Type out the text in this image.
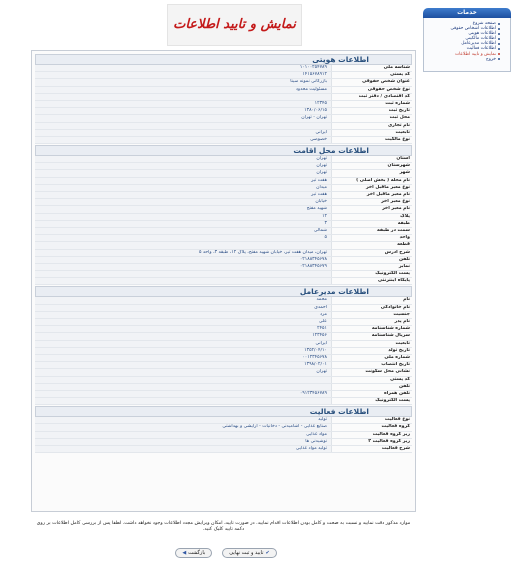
نمایش و تایید اطلاعات
اطلاعات هویتی
شناسه ملی
۱۰۱۰۰۲۵۴۷۸۹
کد پستی
۱۴۱۵۶۷۸۹۱۲
عنوان شخص حقوقی
بازرگانی نمونه سینا
نوع شخص حقوقی
مسئولیت محدود
کد اقتصادی / دفتر ثبت
شماره ثبت
۱۲۳۴۵
تاریخ ثبت
۱۳۸۰/۰۶/۱۵
محل ثبت
تهران - تهران
نام تجاری
تابعیت
ایرانی
نوع مالکیت
خصوصی
اطلاعات محل اقامت
استان
تهران
شهرستان
تهران
شهر
تهران
نام محله ( بخش اصلی )
هفت تیر
نوع معبر ماقبل آخر
میدان
نام معبر ماقبل آخر
هفت تیر
نوع معبر آخر
خیابان
نام معبر آخر
شهید مفتح
پلاک
۱۲
طبقه
۳
سمت در طبقه
شمالی
واحد
۵
قطعه
شرح آدرس
تهران، میدان هفت تیر، خیابان شهید مفتح، پلاک ۱۲، طبقه ۳، واحد ۵
تلفن
۰۲۱۸۸۳۴۵۶۷۸
نمابر
۰۲۱۸۸۳۴۵۶۷۹
پست الکترونیک
پایگاه اینترنتی
اطلاعات مدیرعامل
نام
محمد
نام خانوادگی
احمدی
جنسیت
مرد
نام پدر
علی
شماره شناسنامه
۲۴۵۱
سریال شناسنامه
۱۲۳۴۵۶
تابعیت
ایرانی
تاریخ تولد
۱۳۵۲/۰۴/۱۰
شماره ملی
۰۰۱۲۳۴۵۶۷۸
تاریخ انتصاب
۱۳۹۸/۰۲/۰۱
نشانی محل سکونت
تهران
کد پستی
تلفن
تلفن همراه
۰۹۱۲۳۴۵۶۷۸۹
پست الکترونیک
اطلاعات فعالیت
نوع فعالیت
تولید
گروه فعالیت
صنایع غذایی - آشامیدنی - دخانیات - آرایشی و بهداشتی
زیر گروه فعالیت
مواد غذایی
زیر گروه فعالیت ۲
نوشیدنی ها
شرح فعالیت
تولید مواد غذایی
موارد مذکور دقت نمایید و نسبت به صحت و کامل بودن اطلاعات اقدام نمایید. در صورت تایید، امکان ویرایش مجدد اطلاعات وجود نخواهد داشت. لطفا پس از بررسی کامل اطلاعات بر روی دکمه تایید کلیک کنید.
◀ بازگشت	تایید و ثبت نهایی ✔
خدمات
صفحه شروع
اطلاعات اشخاص حقوقی
اطلاعات هویتی
اطلاعات مالکیتی
اطلاعات مدیرعامل
اطلاعات فعالیت
نمایش و تایید اطلاعات
خروج
